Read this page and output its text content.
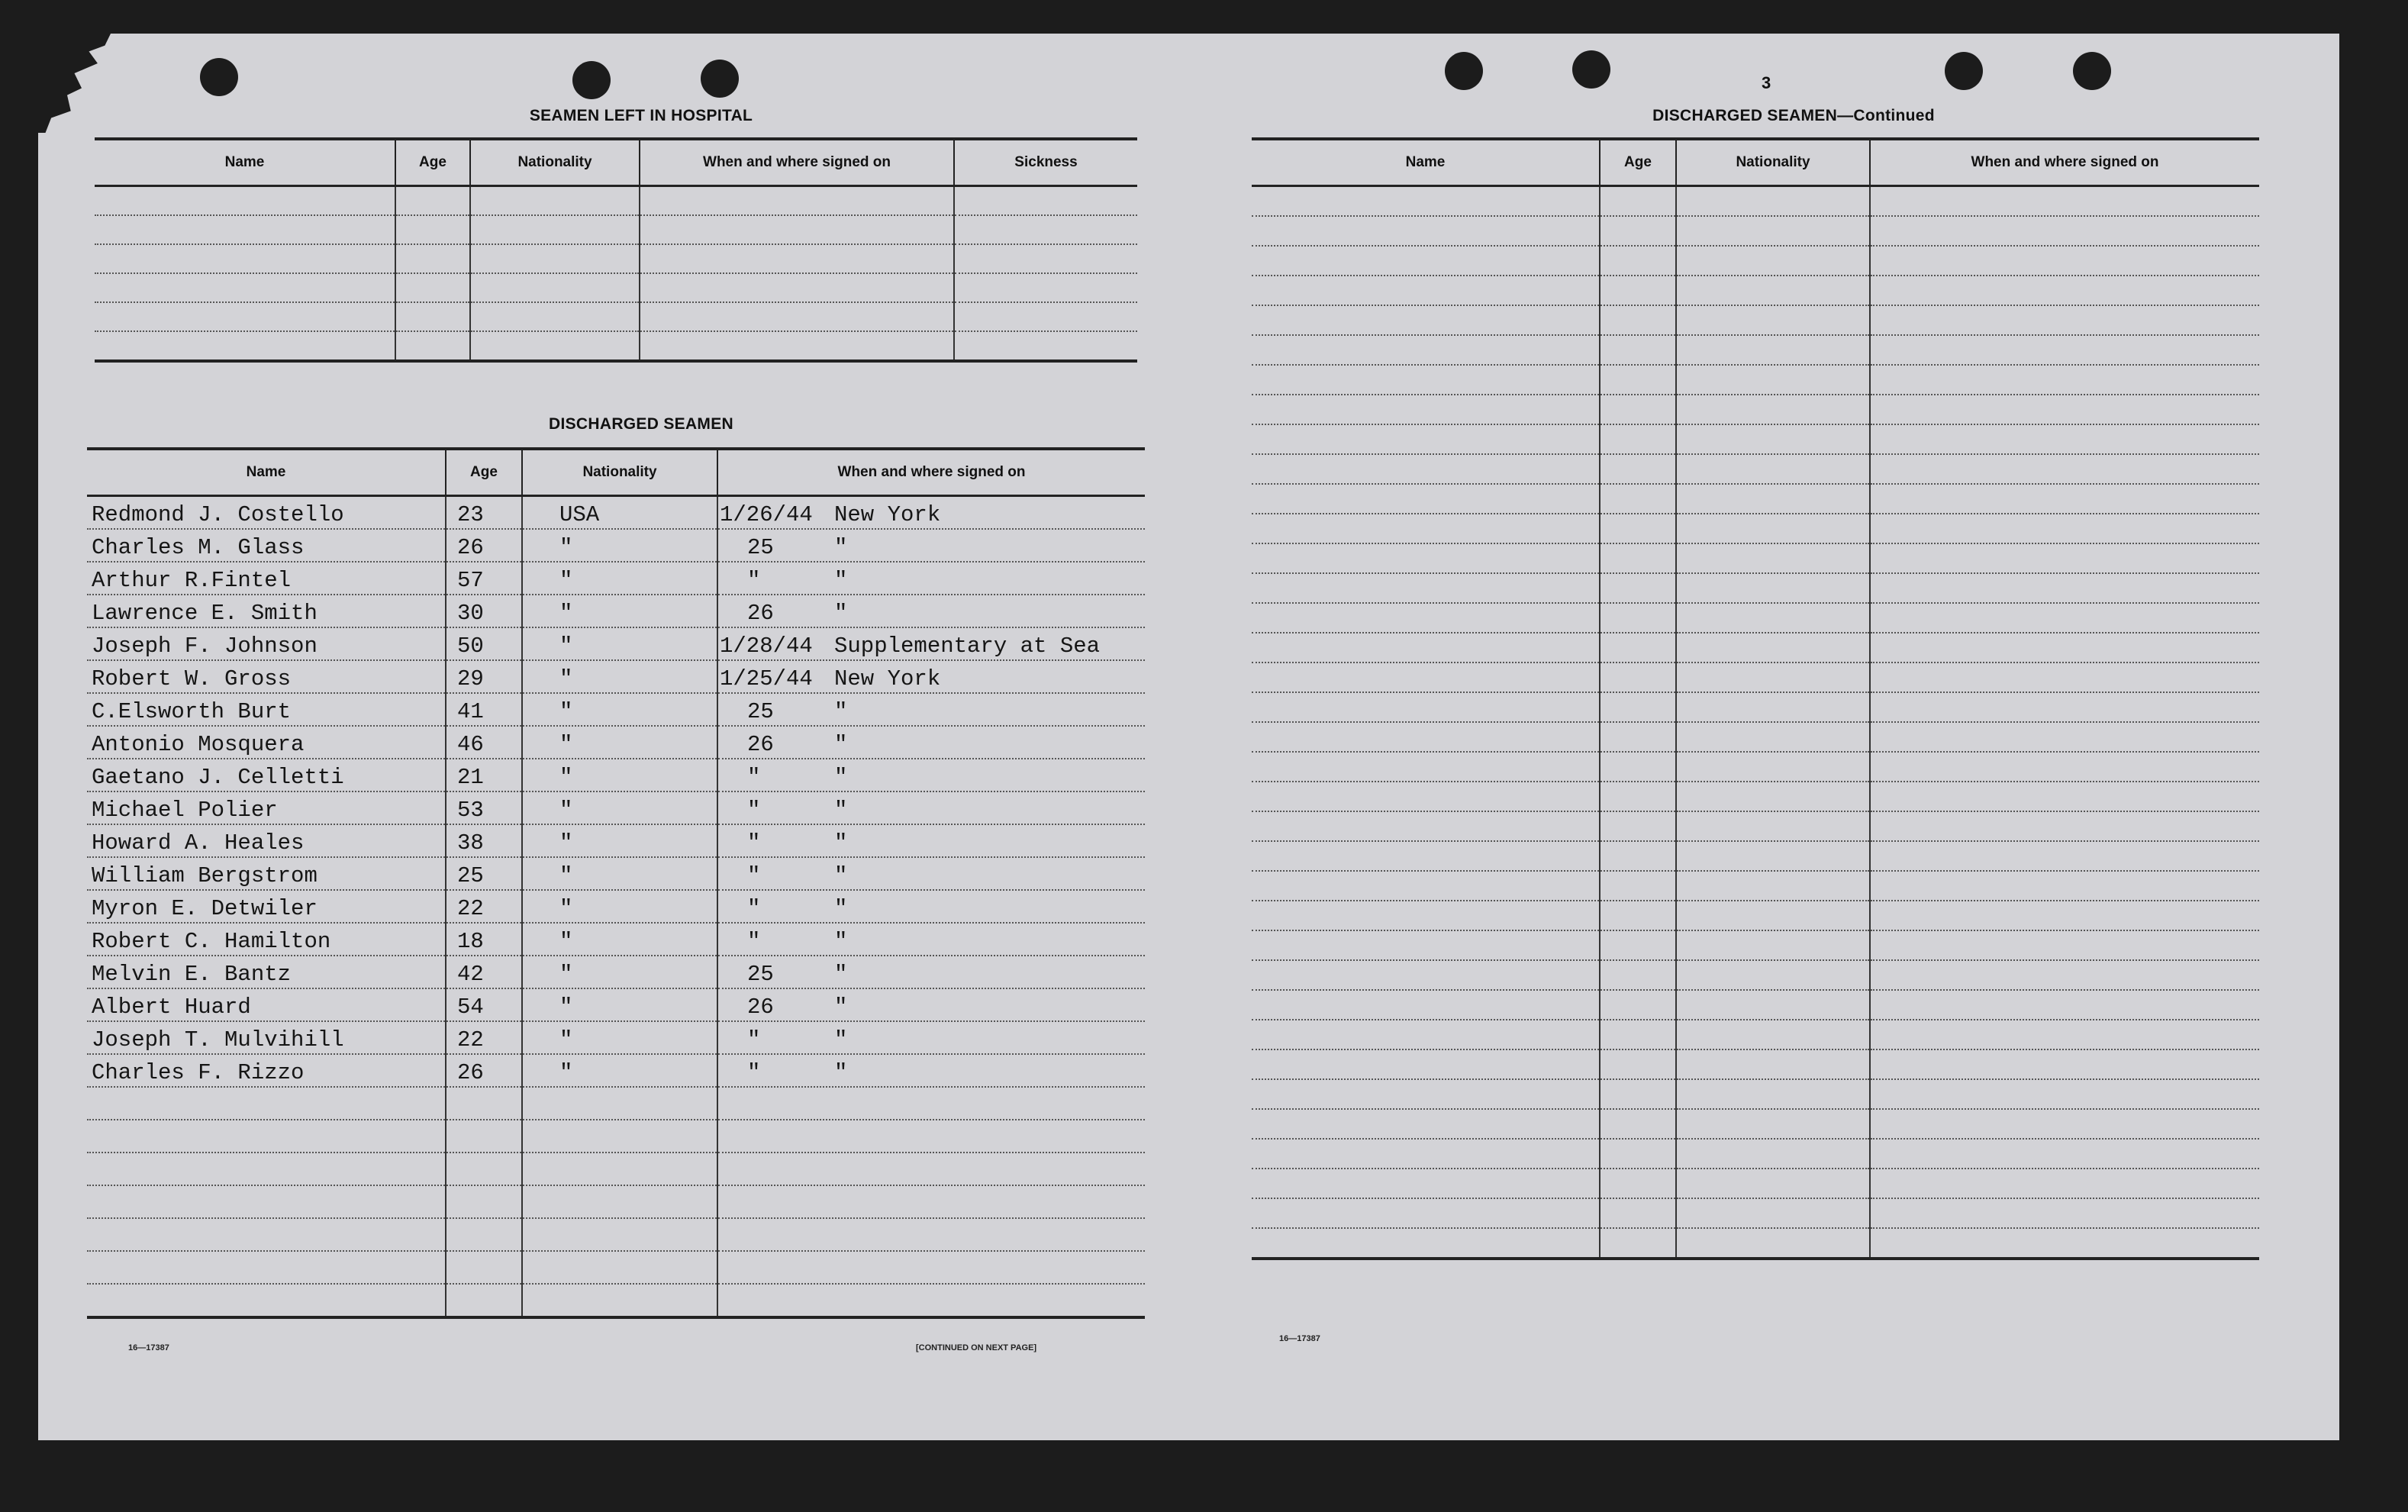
SEAMEN LEFT IN HOSPITAL
Name	Age	Nationality	When and where signed on	Sickness

DISCHARGED SEAMEN
Name	Age	Nationality	When and where signed on
Redmond J. Costello	23	USA	1/26/44 New York
Charles M. Glass	26	"	25 "
Arthur R.Fintel	57	"	" "
Lawrence E. Smith	30	"	26 "
Joseph F. Johnson	50	"	1/28/44 Supplementary at Sea
Robert W. Gross	29	"	1/25/44 New York
C.Elsworth Burt	41	"	25 "
Antonio Mosquera	46	"	26 "
Gaetano J. Celletti	21	"	" "
Michael Polier	53	"	" "
Howard A. Heales	38	"	" "
William Bergstrom	25	"	" "
Myron E. Detwiler	22	"	" "
Robert C. Hamilton	18	"	" "
Melvin E. Bantz	42	"	25 "
Albert Huard	54	"	26 "
Joseph T. Mulvihill	22	"	" "
Charles F. Rizzo	26	"	" "

16—17387	[CONTINUED ON NEXT PAGE]
3
DISCHARGED SEAMEN—Continued
Name	Age	Nationality	When and where signed on

16—17387
